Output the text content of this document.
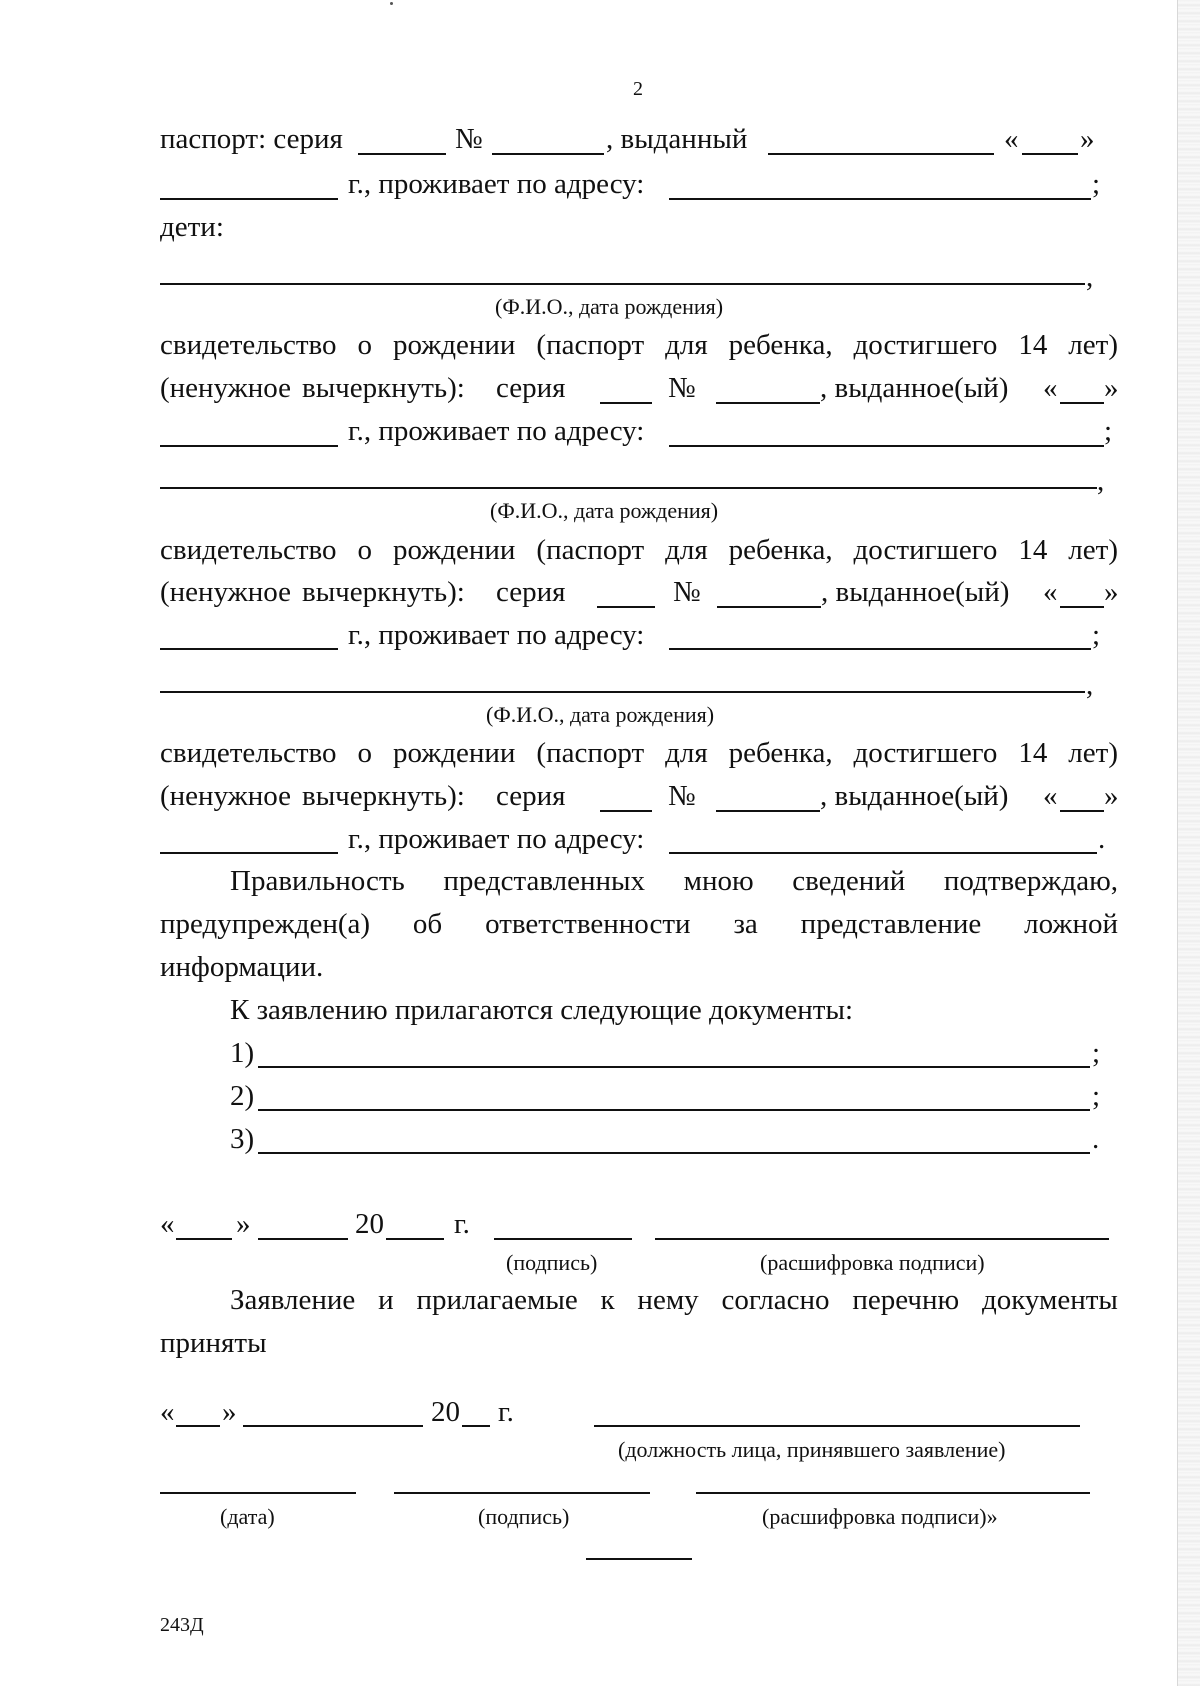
2
паспорт: серия	№	, выданный	« »
г., проживает по адресу:	;
дети:
,
(Ф.И.О., дата рождения)
свидетельство о рождении (паспорт для ребенка, достигшего 14 лет)
(ненужное вычеркнуть): серия	№	, выданное(ый) « »
г., проживает по адресу:	;
,
(Ф.И.О., дата рождения)
свидетельство о рождении (паспорт для ребенка, достигшего 14 лет)
(ненужное вычеркнуть): серия	№	, выданное(ый) « »
г., проживает по адресу:	;
,
(Ф.И.О., дата рождения)
свидетельство о рождении (паспорт для ребенка, достигшего 14 лет)
(ненужное вычеркнуть): серия	№	, выданное(ый) « »
г., проживает по адресу:	.
Правильность представленных мною сведений подтверждаю,
предупрежден(а) об ответственности за представление ложной
информации.
К заявлению прилагаются следующие документы:
1)	;
2)	;
3)	.
« »	20 г.
(подпись)	(расшифровка подписи)
Заявление и прилагаемые к нему согласно перечню документы
приняты
« »	20 г.
(должность лица, принявшего заявление)
(дата)	(подпись)	(расшифровка подписи)»
243Д
